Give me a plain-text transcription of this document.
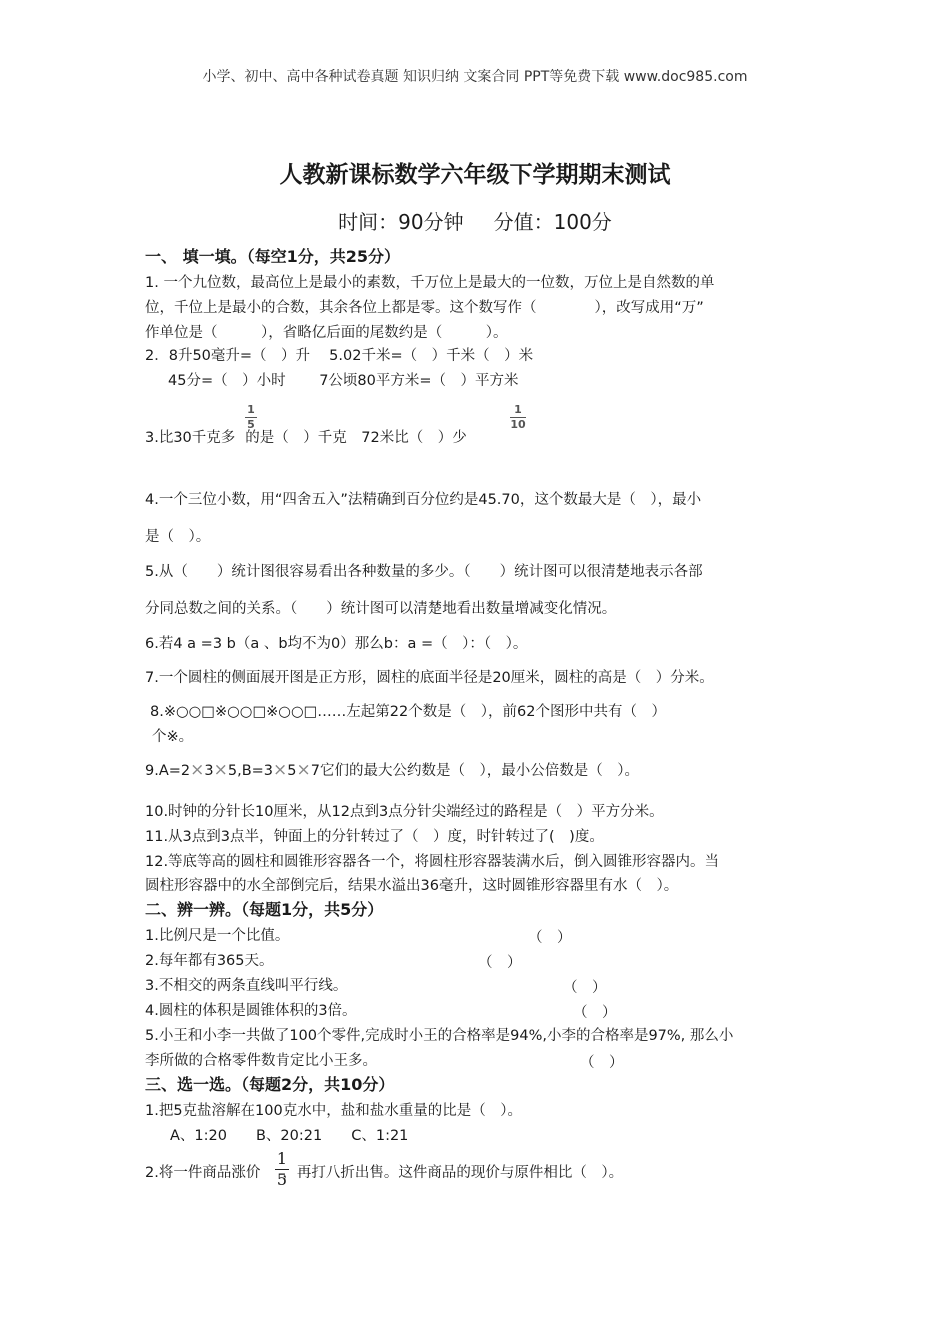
小学、初中、高中各种试卷真题 知识归纳 文案合同 PPT等免费下载 www.doc985.com
人教新课标数学六年级下学期期末测试
时间：90分钟 分值：100分
一、 填一填。（每空1分，共25分）
1. 一个九位数，最高位上是最小的素数，千万位上是最大的一位数，万位上是自然数的单
位，千位上是最小的合数，其余各位上都是零。这个数写作（　　　　），改写成用“万”
作单位是（　　　），省略亿后面的尾数约是（　　　）。
2．8升50毫升=（　）升　 5.02千米=（　）千米（　）米
45分=（　）小时　　 7公顷80平方米=（　）平方米
3.比30千克多 的是（　）千克　72米比（　）少
1
5
1
10
4.一个三位小数，用“四舍五入”法精确到百分位约是45.70，这个数最大是（　），最小
是（　）。
5.从（　　）统计图很容易看出各种数量的多少。（　　）统计图可以很清楚地表示各部
分同总数之间的关系。（　　）统计图可以清楚地看出数量增减变化情况。
6.若4 a =3 b（a 、b均不为0）那么b：a =（　）：（　）。
7.一个圆柱的侧面展开图是正方形，圆柱的底面半径是20厘米，圆柱的高是（　）分米。
8.※○○□※○○□※○○□……左起第22个数是（　），前62个图形中共有（　）
个※。
9.A=2×3×5,B=3×5×7它们的最大公约数是（　），最小公倍数是（　）。
10.时钟的分针长10厘米，从12点到3点分针尖端经过的路程是（　）平方分米。
11.从3点到3点半，钟面上的分针转过了（　）度，时针转过了(　)度。
12.等底等高的圆柱和圆锥形容器各一个，将圆柱形容器装满水后，倒入圆锥形容器内。当
圆柱形容器中的水全部倒完后，结果水溢出36毫升，这时圆锥形容器里有水（　）。
二、辨一辨。（每题1分，共5分）
1.比例尺是一个比值。	（　）
2.每年都有365天。	（　）
3.不相交的两条直线叫平行线。	（　）
4.圆柱的体积是圆锥体积的3倍。	（　）
5.小王和小李一共做了100个零件,完成时小王的合格率是94%,小李的合格率是97%, 那么小
李所做的合格零件数肯定比小王多。	（　）
三、选一选。（每题2分，共10分）
1.把5克盐溶解在100克水中，盐和盐水重量的比是（　）。
A、1:20　　B、20:21　　C、1:21
2.将一件商品涨价 ，再打八折出售。这件商品的现价与原件相比（　）。
1
5
